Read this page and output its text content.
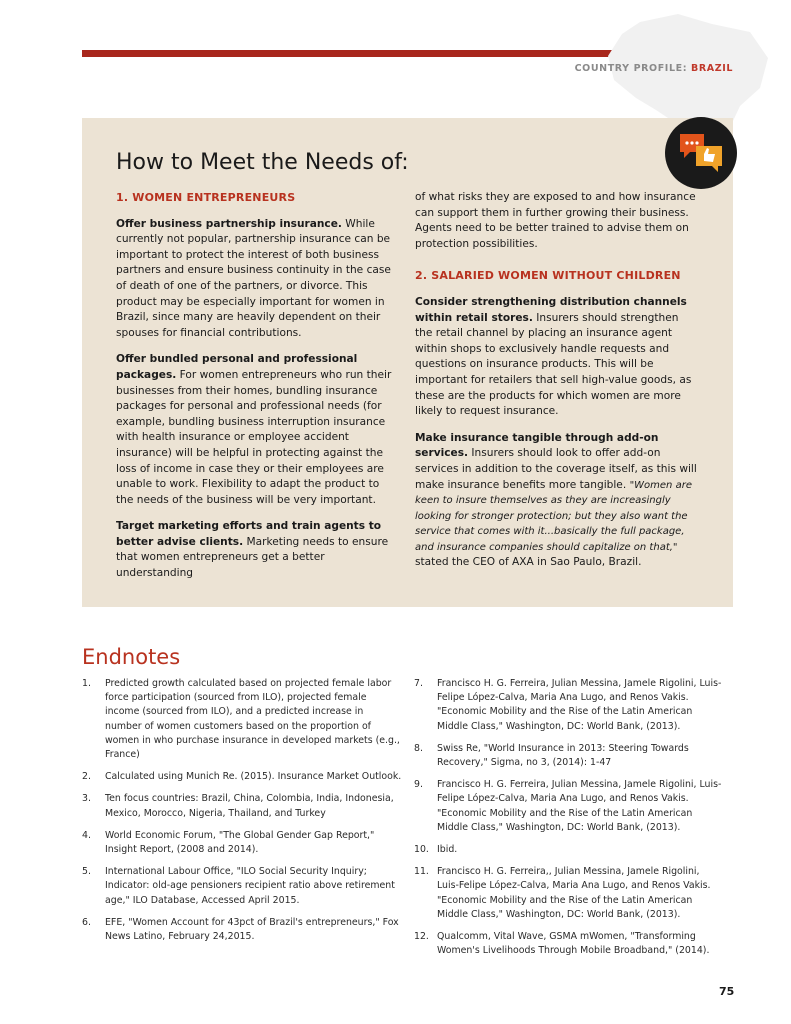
COUNTRY PROFILE: BRAZIL
How to Meet the Needs of:

1. WOMEN ENTREPRENEURS

Offer business partnership insurance. While currently not popular, partnership insurance can be important to protect the interest of both business partners and ensure business continuity in the case of death of one of the partners, or divorce. This product may be especially important for women in Brazil, since many are heavily dependent on their spouses for financial contributions.

Offer bundled personal and professional packages. For women entrepreneurs who run their businesses from their homes, bundling insurance packages for personal and professional needs (for example, bundling business interruption insurance with health insurance or employee accident insurance) will be helpful in protecting against the loss of income in case they or their employees are unable to work. Flexibility to adapt the product to the needs of the business will be very important.

Target marketing efforts and train agents to better advise clients. Marketing needs to ensure that women entrepreneurs get a better understanding

of what risks they are exposed to and how insurance can support them in further growing their business. Agents need to be better trained to advise them on protection possibilities.

2. SALARIED WOMEN WITHOUT CHILDREN

Consider strengthening distribution channels within retail stores. Insurers should strengthen the retail channel by placing an insurance agent within shops to exclusively handle requests and questions on insurance products. This will be important for retailers that sell high-value goods, as these are the products for which women are more likely to request insurance.

Make insurance tangible through add-on services. Insurers should look to offer add-on services in addition to the coverage itself, as this will make insurance benefits more tangible. "Women are keen to insure themselves as they are increasingly looking for stronger protection; but they also want the service that comes with it...basically the full package, and insurance companies should capitalize on that," stated the CEO of AXA in Sao Paulo, Brazil.

Endnotes
1.	Predicted growth calculated based on projected female labor force participation (sourced from ILO), projected female income (sourced from ILO), and a predicted increase in number of women customers based on the proportion of women in who purchase insurance in developed markets (e.g., France)
2.	Calculated using Munich Re. (2015). Insurance Market Outlook.
3.	Ten focus countries: Brazil, China, Colombia, India, Indonesia, Mexico, Morocco, Nigeria, Thailand, and Turkey
4.	World Economic Forum, "The Global Gender Gap Report," Insight Report, (2008 and 2014).
5.	International Labour Office, "ILO Social Security Inquiry; Indicator: old-age pensioners recipient ratio above retirement age," ILO Database, Accessed April 2015.
6.	EFE, "Women Account for 43pct of Brazil's entrepreneurs," Fox News Latino, February 24,2015.
7.	Francisco H. G. Ferreira, Julian Messina, Jamele Rigolini, Luis-Felipe López-Calva, Maria Ana Lugo, and Renos Vakis. "Economic Mobility and the Rise of the Latin American Middle Class," Washington, DC: World Bank, (2013).
8.	Swiss Re, "World Insurance in 2013: Steering Towards Recovery," Sigma, no 3, (2014): 1-47
9.	Francisco H. G. Ferreira, Julian Messina, Jamele Rigolini, Luis-Felipe López-Calva, Maria Ana Lugo, and Renos Vakis. "Economic Mobility and the Rise of the Latin American Middle Class," Washington, DC: World Bank, (2013).
10. Ibid.
11. Francisco H. G. Ferreira,, Julian Messina, Jamele Rigolini, Luis-Felipe López-Calva, Maria Ana Lugo, and Renos Vakis. "Economic Mobility and the Rise of the Latin American Middle Class," Washington, DC: World Bank, (2013).
12. Qualcomm, Vital Wave, GSMA mWomen, "Transforming Women's Livelihoods Through Mobile Broadband," (2014).
75
